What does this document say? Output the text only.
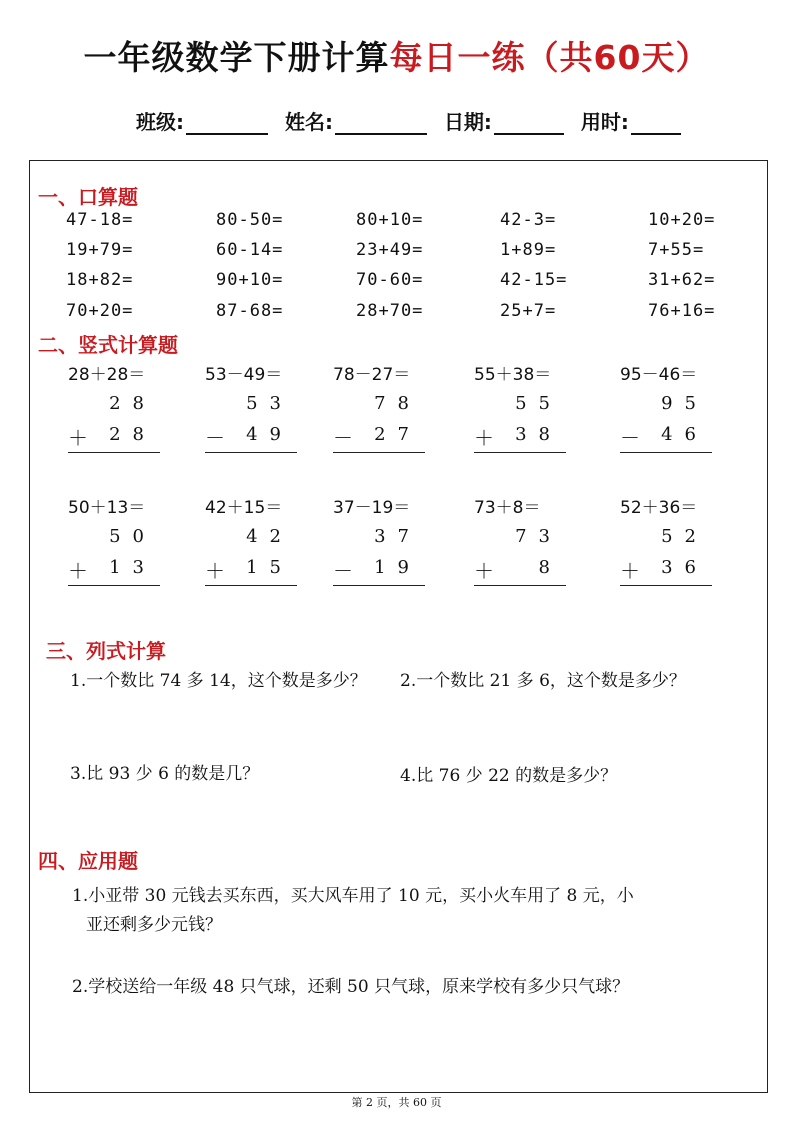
一年级数学下册计算每日一练（共60天）
班级:	姓名:	日期:	用时:
一、口算题
47-18=	80-50=	80+10=	42-3=	10+20=
19+79=	60-14=	23+49=	1+89=	7+55=
18+82=	90+10=	70-60=	42-15=	31+62=
70+20=	87-68=	28+70=	25+7=	76+16=
二、竖式计算题
28＋28＝
28
＋ 28
53－49＝
53
－ 49
78－27＝
78
－ 27
55＋38＝
55
＋ 38
95－46＝
95
－ 46
50＋13＝
50
＋ 13
42＋15＝
42
＋ 15
37－19＝
37
－ 19
73＋8＝
73
＋ 8
52＋36＝
52
＋ 36
三、列式计算
1.一个数比 74 多 14，这个数是多少？ 2.一个数比 21 多 6，这个数是多少？
3.比 93 少 6 的数是几？	4.比 76 少 22 的数是多少？
四、应用题
1.小亚带 30 元钱去买东西，买大风车用了 10 元，买小火车用了 8 元，小
亚还剩多少元钱？
2.学校送给一年级 48 只气球，还剩 50 只气球，原来学校有多少只气球？
第 2 页，共 60 页
